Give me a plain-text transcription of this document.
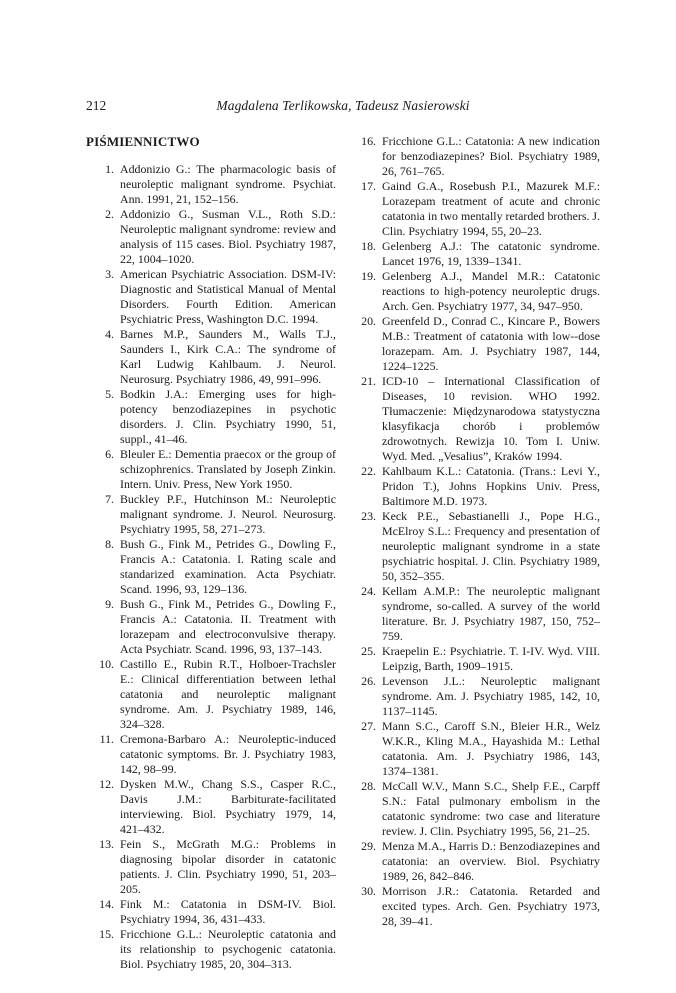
212	Magdalena Terlikowska, Tadeusz Nasierowski
PIŚMIENNICTWO
1. Addonizio G.: The pharmacologic basis of neuroleptic malignant syndrome. Psychiat. Ann. 1991, 21, 152–156.
2. Addonizio G., Susman V.L., Roth S.D.: Neuroleptic malignant syndrome: review and analysis of 115 cases. Biol. Psychiatry 1987, 22, 1004–1020.
3. American Psychiatric Association. DSM-IV: Diagnostic and Statistical Manual of Mental Disorders. Fourth Edition. American Psychiatric Press, Washington D.C. 1994.
4. Barnes M.P., Saunders M., Walls T.J., Saunders I., Kirk C.A.: The syndrome of Karl Ludwig Kahlbaum. J. Neurol. Neurosurg. Psychiatry 1986, 49, 991–996.
5. Bodkin J.A.: Emerging uses for high-potency benzodiazepines in psychotic disorders. J. Clin. Psychiatry 1990, 51, suppl., 41–46.
6. Bleuler E.: Dementia praecox or the group of schizophrenics. Translated by Joseph Zinkin. Intern. Univ. Press, New York 1950.
7. Buckley P.F., Hutchinson M.: Neuroleptic malignant syndrome. J. Neurol. Neurosurg. Psychiatry 1995, 58, 271–273.
8. Bush G., Fink M., Petrides G., Dowling F., Francis A.: Catatonia. I. Rating scale and standarized examination. Acta Psychiatr. Scand. 1996, 93, 129–136.
9. Bush G., Fink M., Petrides G., Dowling F., Francis A.: Catatonia. II. Treatment with lorazepam and electroconvulsive therapy. Acta Psychiatr. Scand. 1996, 93, 137–143.
10. Castillo E., Rubin R.T., Holboer-Trachsler E.: Clinical differentiation between lethal catatonia and neuroleptic malignant syndrome. Am. J. Psychiatry 1989, 146, 324–328.
11. Cremona-Barbaro A.: Neuroleptic-induced catatonic symptoms. Br. J. Psychiatry 1983, 142, 98–99.
12. Dysken M.W., Chang S.S., Casper R.C., Davis J.M.: Barbiturate-facilitated interviewing. Biol. Psychiatry 1979, 14, 421–432.
13. Fein S., McGrath M.G.: Problems in diagnosing bipolar disorder in catatonic patients. J. Clin. Psychiatry 1990, 51, 203–205.
14. Fink M.: Catatonia in DSM-IV. Biol. Psychiatry 1994, 36, 431–433.
15. Fricchione G.L.: Neuroleptic catatonia and its relationship to psychogenic catatonia. Biol. Psychiatry 1985, 20, 304–313.
16. Fricchione G.L.: Catatonia: A new indication for benzodiazepines? Biol. Psychiatry 1989, 26, 761–765.
17. Gaind G.A., Rosebush P.I., Mazurek M.F.: Lorazepam treatment of acute and chronic catatonia in two mentally retarded brothers. J. Clin. Psychiatry 1994, 55, 20–23.
18. Gelenberg A.J.: The catatonic syndrome. Lancet 1976, 19, 1339–1341.
19. Gelenberg A.J., Mandel M.R.: Catatonic reactions to high-potency neuroleptic drugs. Arch. Gen. Psychiatry 1977, 34, 947–950.
20. Greenfeld D., Conrad C., Kincare P., Bowers M.B.: Treatment of catatonia with low--dose lorazepam. Am. J. Psychiatry 1987, 144, 1224–1225.
21. ICD-10 – International Classification of Diseases, 10 revision. WHO 1992. Tłumaczenie: Międzynarodowa statystyczna klasyfikacja chorób i problemów zdrowotnych. Rewizja 10. Tom I. Uniw. Wyd. Med. „Vesalius”, Kraków 1994.
22. Kahlbaum K.L.: Catatonia. (Trans.: Levi Y., Pridon T.), Johns Hopkins Univ. Press, Baltimore M.D. 1973.
23. Keck P.E., Sebastianelli J., Pope H.G., McElroy S.L.: Frequency and presentation of neuroleptic malignant syndrome in a state psychiatric hospital. J. Clin. Psychiatry 1989, 50, 352–355.
24. Kellam A.M.P.: The neuroleptic malignant syndrome, so-called. A survey of the world literature. Br. J. Psychiatry 1987, 150, 752–759.
25. Kraepelin E.: Psychiatrie. T. I-IV. Wyd. VIII. Leipzig, Barth, 1909–1915.
26. Levenson J.L.: Neuroleptic malignant syndrome. Am. J. Psychiatry 1985, 142, 10, 1137–1145.
27. Mann S.C., Caroff S.N., Bleier H.R., Welz W.K.R., Kling M.A., Hayashida M.: Lethal catatonia. Am. J. Psychiatry 1986, 143, 1374–1381.
28. McCall W.V., Mann S.C., Shelp F.E., Carpff S.N.: Fatal pulmonary embolism in the catatonic syndrome: two case and literature review. J. Clin. Psychiatry 1995, 56, 21–25.
29. Menza M.A., Harris D.: Benzodiazepines and catatonia: an overview. Biol. Psychiatry 1989, 26, 842–846.
30. Morrison J.R.: Catatonia. Retarded and excited types. Arch. Gen. Psychiatry 1973, 28, 39–41.
